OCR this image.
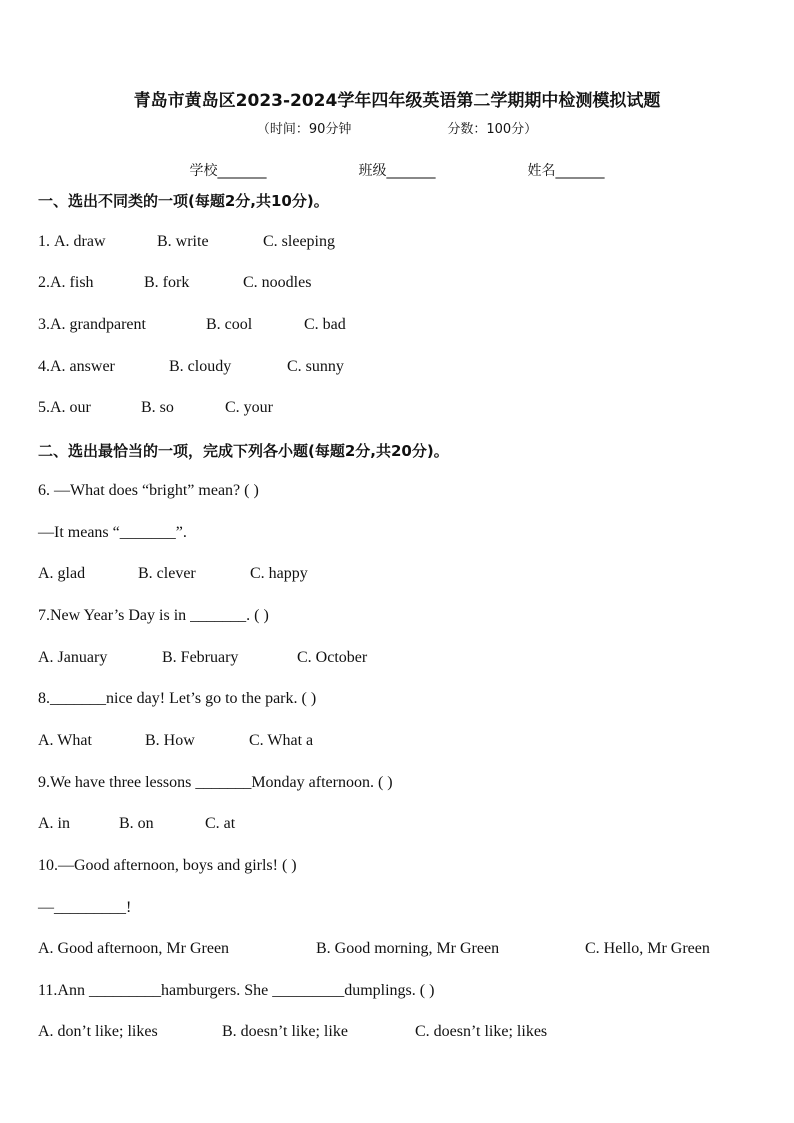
青岛市黄岛区2023-2024学年四年级英语第二学期期中检测模拟试题
（时间：90分钟	分数：100分）
学校_______	班级_______	姓名_______
一、选出不同类的一项(每题2分,共10分)。
1. A. draw	B. write	C. sleeping
2.A. fish	B. fork	C. noodles
3.A. grandparent	B. cool	C. bad
4.A. answer	B. cloudy	C. sunny
5.A. our	B. so	C. your
二、选出最恰当的一项，完成下列各小题(每题2分,共20分)。
6. —What does “bright” mean? ( )
—It means “_______”.
A. glad	B. clever	C. happy
7.New Year’s Day is in _______. ( )
A. January	B. February	C. October
8._______nice day! Let’s go to the park. ( )
A. What	B. How	C. What a
9.We have three lessons _______Monday afternoon. ( )
A. in	B. on	C. at
10.—Good afternoon, boys and girls! ( )
—_________!
A. Good afternoon, Mr Green	B. Good morning, Mr Green	C. Hello, Mr Green
11.Ann _________hamburgers. She _________dumplings. ( )
A. don’t like; likes	B. doesn’t like; like	C. doesn’t like; likes
